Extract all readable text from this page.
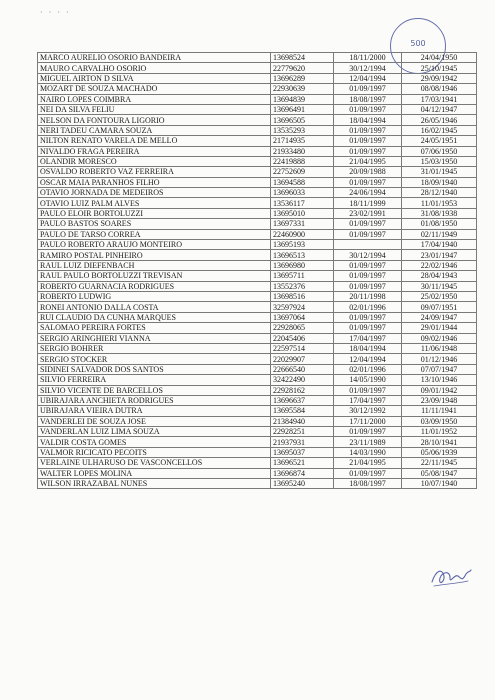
· · · ·
500
MARCO AURELIO OSORIO BANDEIRA	13698524	18/11/2000	24/04/1950
MAURO CARVALHO OSORIO	22779620	30/12/1994	25/10/1945
MIGUEL AIRTON D SILVA	13696289	12/04/1994	29/09/1942
MOZART DE SOUZA MACHADO	22930639	01/09/1997	08/08/1946
NAIRO LOPES COIMBRA	13694839	18/08/1997	17/03/1941
NEI DA SILVA FELIU	13696491	01/09/1997	04/12/1947
NELSON DA FONTOURA LIGORIO	13696505	18/04/1994	26/05/1946
NERI TADEU CAMARA SOUZA	13535293	01/09/1997	16/02/1945
NILTON RENATO VARELA DE MELLO	21714935	01/09/1997	24/05/1951
NIVALDO FRAGA PEREIRA	21933480	01/09/1997	07/06/1950
OLANDIR MORESCO	22419888	21/04/1995	15/03/1950
OSVALDO ROBERTO VAZ FERREIRA	22752609	20/09/1988	31/01/1945
OSCAR MAIA PARANHOS FILHO	13694588	01/09/1997	18/09/1940
OTAVIO JORNADA DE MEDEIROS	13696033	24/06/1994	28/12/1940
OTAVIO LUIZ PALM ALVES	13536117	18/11/1999	11/01/1953
PAULO ELOIR BORTOLUZZI	13695010	23/02/1991	31/08/1938
PAULO BASTOS SOARES	13697331	01/09/1997	01/08/1950
PAULO DE TARSO CORREA	22460900	01/09/1997	02/11/1949
PAULO ROBERTO ARAUJO MONTEIRO	13695193		17/04/1940
RAMIRO POSTAL PINHEIRO	13696513	30/12/1994	23/01/1947
RAUL LUIZ DIEFENBACH	13696980	01/09/1997	22/02/1946
RAUL PAULO BORTOLUZZI TREVISAN	13695711	01/09/1997	28/04/1943
ROBERTO GUARNACIA RODRIGUES	13552376	01/09/1997	30/11/1945
ROBERTO LUDWIG	13698516	20/11/1998	25/02/1950
RONEI ANTONIO DALLA COSTA	32597924	02/01/1996	09/07/1951
RUI CLAUDIO DA CUNHA MARQUES	13697064	01/09/1997	24/09/1947
SALOMAO PEREIRA FORTES	22928065	01/09/1997	29/01/1944
SERGIO ARINGHIERI VIANNA	22045406	17/04/1997	09/02/1946
SERGIO BOHRER	22597514	18/04/1994	11/06/1948
SERGIO STOCKER	22029907	12/04/1994	01/12/1946
SIDINEI SALVADOR DOS SANTOS	22666540	02/01/1996	07/07/1947
SILVIO FERREIRA	32422490	14/05/1990	13/10/1946
SILVIO VICENTE DE BARCELLOS	22928162	01/09/1997	09/01/1942
UBIRAJARA ANCHIETA RODRIGUES	13696637	17/04/1997	23/09/1948
UBIRAJARA VIEIRA DUTRA	13695584	30/12/1992	11/11/1941
VANDERLEI DE SOUZA JOSE	21384940	17/11/2000	03/09/1950
VANDERLAN LUIZ LIMA SOUZA	22928251	01/09/1997	11/01/1952
VALDIR COSTA GOMES	21937931	23/11/1989	28/10/1941
VALMOR RICICATO PECOITS	13695037	14/03/1990	05/06/1939
VERLAINE ULHARUSO DE VASCONCELLOS	13696521	21/04/1995	22/11/1945
WALTER LOPES MOLINA	13696874	01/09/1997	05/08/1947
WILSON IRRAZABAL NUNES	13695240	18/08/1997	10/07/1940
